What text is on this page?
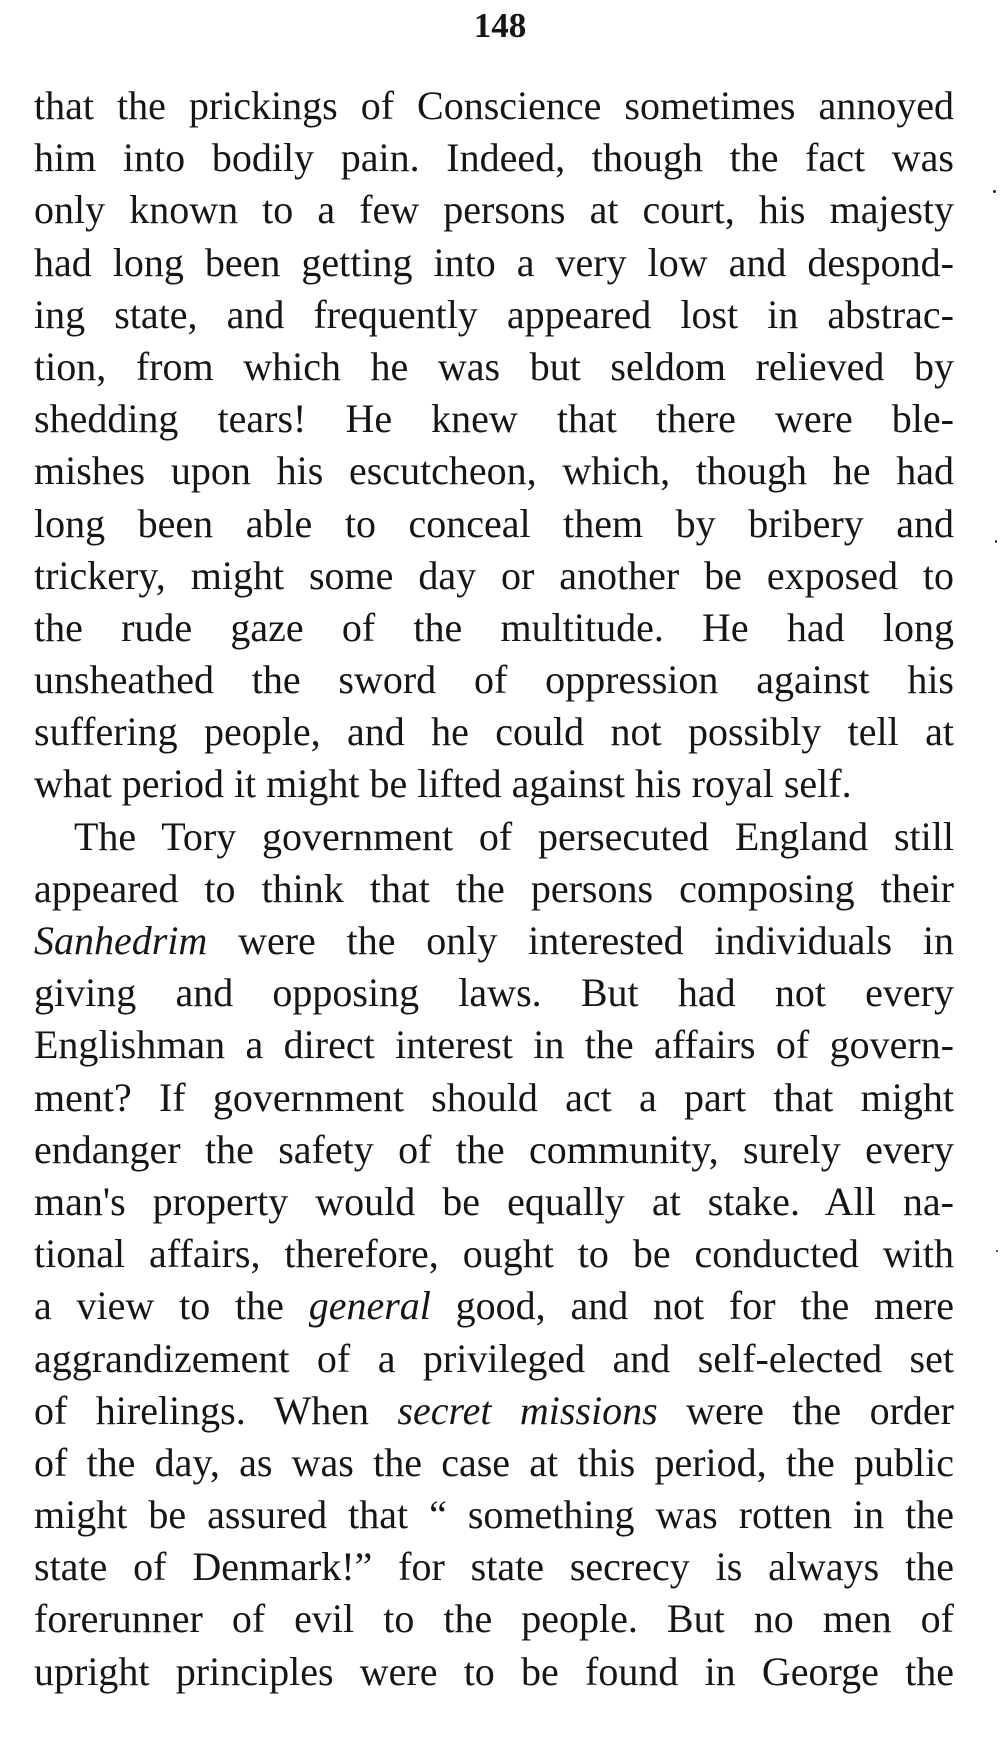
148
that the prickings of Conscience sometimes annoyed
him into bodily pain. Indeed, though the fact was
only known to a few persons at court, his majesty
had long been getting into a very low and despond-
ing state, and frequently appeared lost in abstrac-
tion, from which he was but seldom relieved by
shedding tears! He knew that there were ble-
mishes upon his escutcheon, which, though he had
long been able to conceal them by bribery and
trickery, might some day or another be exposed to
the rude gaze of the multitude. He had long
unsheathed the sword of oppression against his
suffering people, and he could not possibly tell at
what period it might be lifted against his royal self.
The Tory government of persecuted England still
appeared to think that the persons composing their
Sanhedrim were the only interested individuals in
giving and opposing laws. But had not every
Englishman a direct interest in the affairs of govern-
ment? If government should act a part that might
endanger the safety of the community, surely every
man's property would be equally at stake. All na-
tional affairs, therefore, ought to be conducted with
a view to the general good, and not for the mere
aggrandizement of a privileged and self-elected set
of hirelings. When secret missions were the order
of the day, as was the case at this period, the public
might be assured that “ something was rotten in the
state of Denmark!” for state secrecy is always the
forerunner of evil to the people. But no men of
upright principles were to be found in George the
